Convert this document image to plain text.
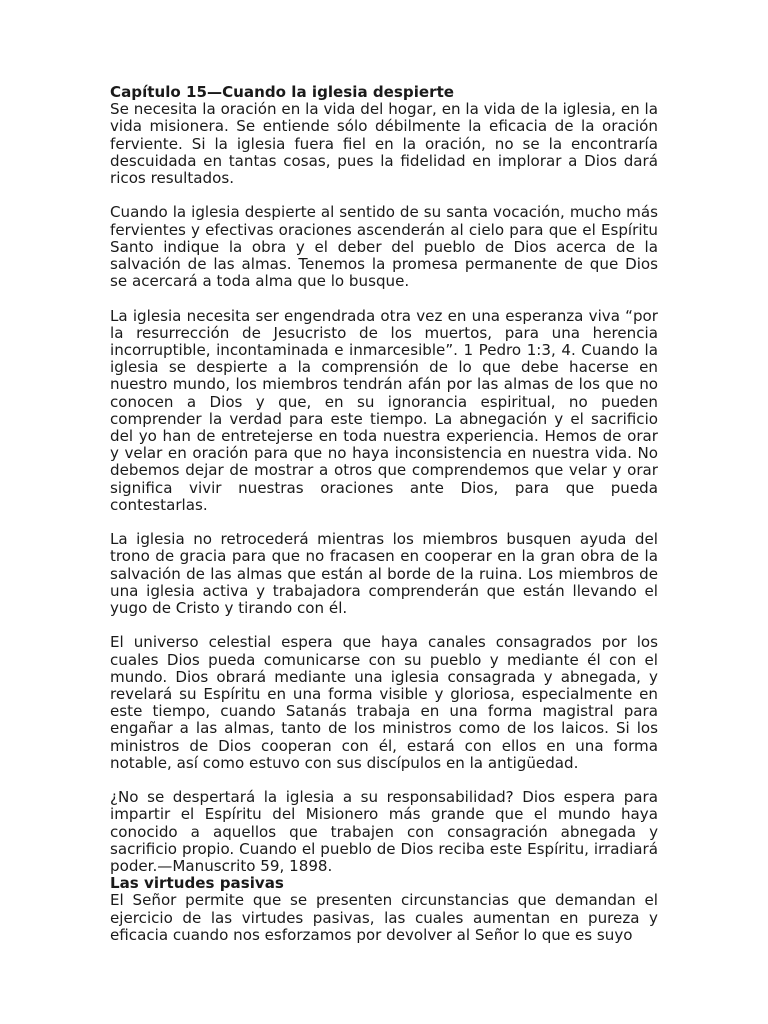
Capítulo 15—Cuando la iglesia despierte

Se necesita la oración en la vida del hogar, en la vida de la iglesia, en la vida misionera. Se entiende sólo débilmente la eficacia de la oración ferviente. Si la iglesia fuera fiel en la oración, no se la encontraría descuidada en tantas cosas, pues la fidelidad en implorar a Dios dará ricos resultados.

Cuando la iglesia despierte al sentido de su santa vocación, mucho más fervientes y efectivas oraciones ascenderán al cielo para que el Espíritu Santo indique la obra y el deber del pueblo de Dios acerca de la salvación de las almas. Tenemos la promesa permanente de que Dios se acercará a toda alma que lo busque.

La iglesia necesita ser engendrada otra vez en una esperanza viva “por la resurrección de Jesucristo de los muertos, para una herencia incorruptible, incontaminada e inmarcesible”. 1 Pedro 1:3, 4. Cuando la iglesia se despierte a la comprensión de lo que debe hacerse en nuestro mundo, los miembros tendrán afán por las almas de los que no conocen a Dios y que, en su ignorancia espiritual, no pueden comprender la verdad para este tiempo. La abnegación y el sacrificio del yo han de entretejerse en toda nuestra experiencia. Hemos de orar y velar en oración para que no haya inconsistencia en nuestra vida. No debemos dejar de mostrar a otros que comprendemos que velar y orar significa vivir nuestras oraciones ante Dios, para que pueda contestarlas.

La iglesia no retrocederá mientras los miembros busquen ayuda del trono de gracia para que no fracasen en cooperar en la gran obra de la salvación de las almas que están al borde de la ruina. Los miembros de una iglesia activa y trabajadora comprenderán que están llevando el yugo de Cristo y tirando con él.

El universo celestial espera que haya canales consagrados por los cuales Dios pueda comunicarse con su pueblo y mediante él con el mundo. Dios obrará mediante una iglesia consagrada y abnegada, y revelará su Espíritu en una forma visible y gloriosa, especialmente en este tiempo, cuando Satanás trabaja en una forma magistral para engañar a las almas, tanto de los ministros como de los laicos. Si los ministros de Dios cooperan con él, estará con ellos en una forma notable, así como estuvo con sus discípulos en la antigüedad.

¿No se despertará la iglesia a su responsabilidad? Dios espera para impartir el Espíritu del Misionero más grande que el mundo haya conocido a aquellos que trabajen con consagración abnegada y sacrificio propio. Cuando el pueblo de Dios reciba este Espíritu, irradiará poder.—Manuscrito 59, 1898.

Las virtudes pasivas

El Señor permite que se presenten circunstancias que demandan el ejercicio de las virtudes pasivas, las cuales aumentan en pureza y eficacia cuando nos esforzamos por devolver al Señor lo que es suyo
